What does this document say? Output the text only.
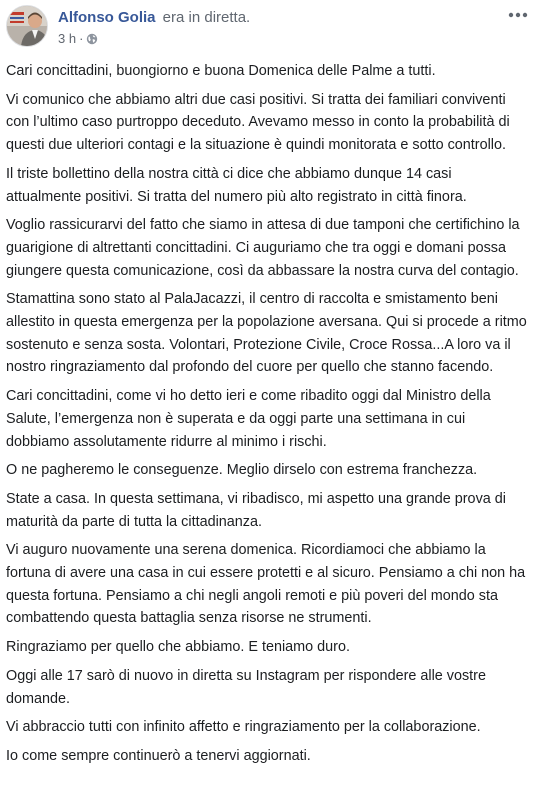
Alfonso Golia era in diretta.
3 h ·

Cari concittadini, buongiorno e buona Domenica delle Palme a tutti.

Vi comunico che abbiamo altri due casi positivi. Si tratta dei familiari conviventi con l’ultimo caso purtroppo deceduto. Avevamo messo in conto la probabilità di questi due ulteriori contagi e la situazione è quindi monitorata e sotto controllo.

Il triste bollettino della nostra città ci dice che abbiamo dunque 14 casi attualmente positivi. Si tratta del numero più alto registrato in città finora.

Voglio rassicurarvi del fatto che siamo in attesa di due tamponi che certifichino la guarigione di altrettanti concittadini. Ci auguriamo che tra oggi e domani possa giungere questa comunicazione, così da abbassare la nostra curva del contagio.

Stamattina sono stato al PalaJacazzi, il centro di raccolta e smistamento beni allestito in questa emergenza per la popolazione aversana. Qui si procede a ritmo sostenuto e senza sosta. Volontari, Protezione Civile, Croce Rossa...A loro va il nostro ringraziamento dal profondo del cuore per quello che stanno facendo.

Cari concittadini, come vi ho detto ieri e come ribadito oggi dal Ministro della Salute, l’emergenza non è superata e da oggi parte una settimana in cui dobbiamo assolutamente ridurre al minimo i rischi.

O ne pagheremo le conseguenze. Meglio dirselo con estrema franchezza.

State a casa. In questa settimana, vi ribadisco, mi aspetto una grande prova di maturità da parte di tutta la cittadinanza.

Vi auguro nuovamente una serena domenica. Ricordiamoci che abbiamo la fortuna di avere una casa in cui essere protetti e al sicuro. Pensiamo a chi non ha questa fortuna. Pensiamo a chi negli angoli remoti e più poveri del mondo sta combattendo questa battaglia senza risorse ne strumenti.

Ringraziamo per quello che abbiamo. E teniamo duro.

Oggi alle 17 sarò di nuovo in diretta su Instagram per rispondere alle vostre domande.

Vi abbraccio tutti con infinito affetto e ringraziamento per la collaborazione.

Io come sempre continuerò a tenervi aggiornati.
